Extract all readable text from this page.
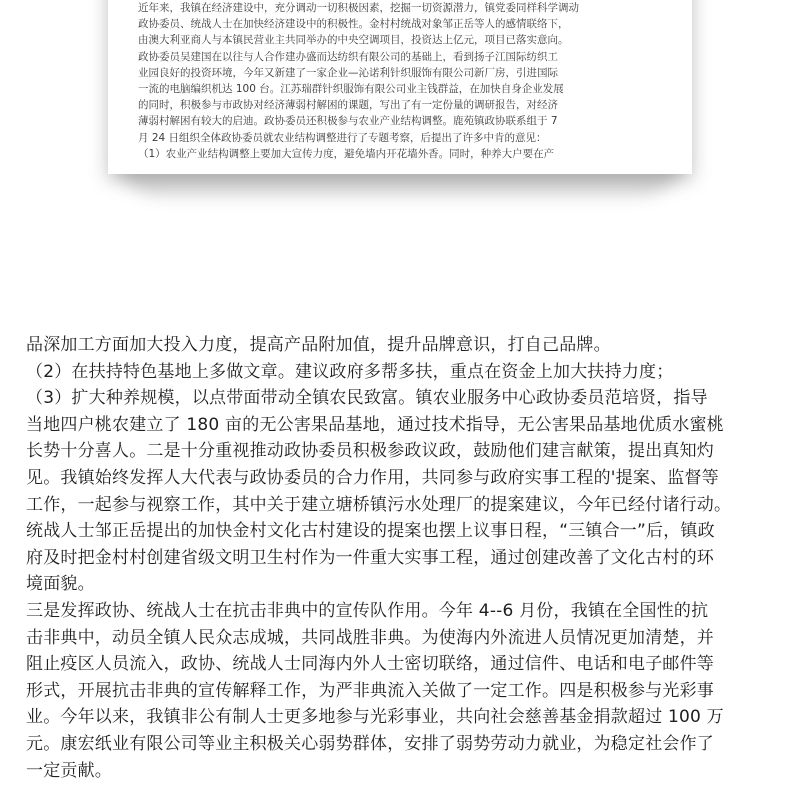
近年来，我镇在经济建设中，充分调动一切积极因素，挖掘一切资源潜力，镇党委同样科学调动

政协委员、统战人士在加快经济建设中的积极性。金村村统战对象邹正岳等人的感情联络下，

由澳大利亚商人与本镇民营业主共同举办的中央空调项目，投资达上亿元，项目已落实意向。

政协委员吴建国在以往与人合作建办盛而达纺织有限公司的基础上，看到扬子江国际纺织工

业园良好的投资环境，今年又新建了一家企业—沁诺利针织服饰有限公司新厂房，引进国际

一流的电脑编织机达 100 台。江苏瑞群针织服饰有限公司业主钱群益，在加快自身企业发展

的同时，积极参与市政协对经济薄弱村解困的课题，写出了有一定份量的调研报告，对经济

薄弱村解困有较大的启迪。政协委员还积极参与农业产业结构调整。鹿苑镇政协联系组于 7

月 24 日组织全体政协委员就农业结构调整进行了专题考察，后提出了许多中肯的意见：

（1）农业产业结构调整上要加大宣传力度，避免墙内开花墙外香。同时，种养大户要在产

品深加工方面加大投入力度，提高产品附加值，提升品牌意识，打自己品牌。

（2）在扶持特色基地上多做文章。建议政府多帮多扶，重点在资金上加大扶持力度；

（3）扩大种养规模，以点带面带动全镇农民致富。镇农业服务中心政协委员范培贤，指导

当地四户桃农建立了 180 亩的无公害果品基地，通过技术指导，无公害果品基地优质水蜜桃

长势十分喜人。二是十分重视推动政协委员积极参政议政，鼓励他们建言献策，提出真知灼

见。我镇始终发挥人大代表与政协委员的合力作用，共同参与政府实事工程的'提案、监督等

工作，一起参与视察工作，其中关于建立塘桥镇污水处理厂的提案建议，今年已经付诸行动。

统战人士邹正岳提出的加快金村文化古村建设的提案也摆上议事日程，“三镇合一”后，镇政

府及时把金村村创建省级文明卫生村作为一件重大实事工程，通过创建改善了文化古村的环

境面貌。

三是发挥政协、统战人士在抗击非典中的宣传队作用。今年 4--6 月份，我镇在全国性的抗

击非典中，动员全镇人民众志成城，共同战胜非典。为使海内外流进人员情况更加清楚，并

阻止疫区人员流入，政协、统战人士同海内外人士密切联络，通过信件、电话和电子邮件等

形式，开展抗击非典的宣传解释工作，为严非典流入关做了一定工作。四是积极参与光彩事

业。今年以来，我镇非公有制人士更多地参与光彩事业，共向社会慈善基金捐款超过 100 万

元。康宏纸业有限公司等业主积极关心弱势群体，安排了弱势劳动力就业，为稳定社会作了

一定贡献。
